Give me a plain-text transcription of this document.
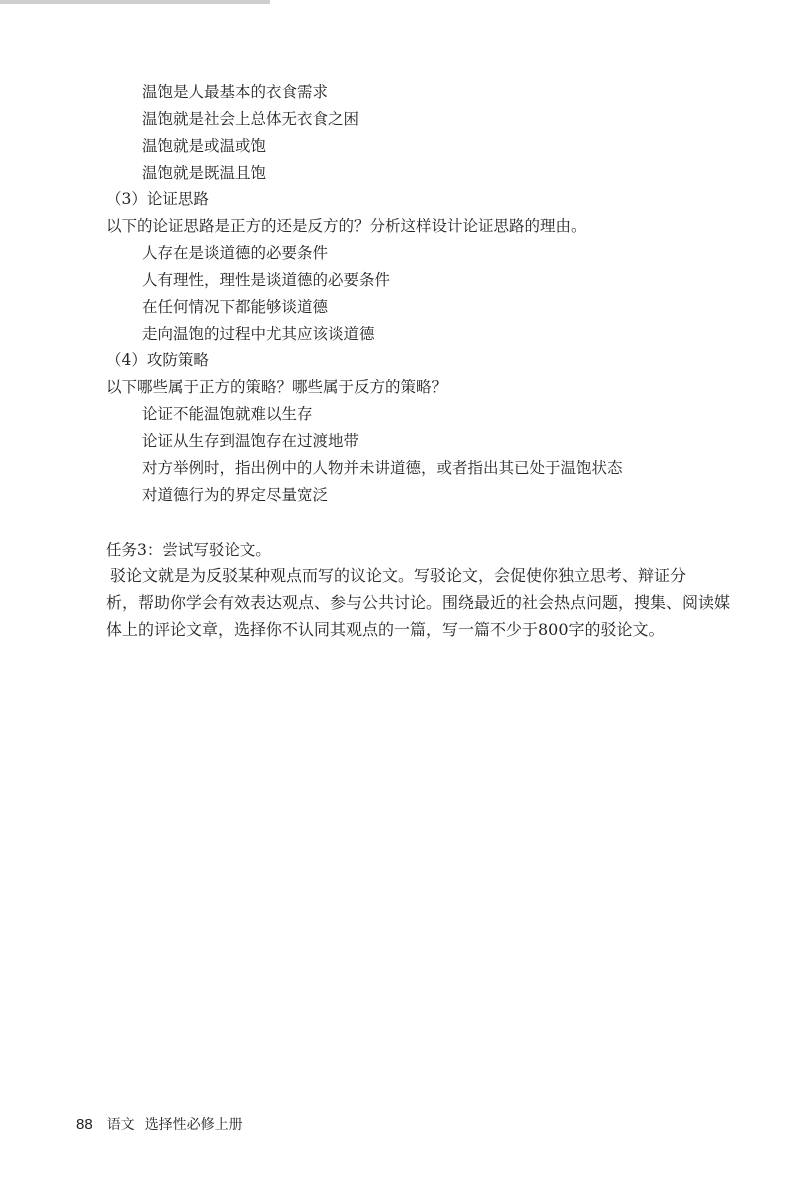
温饱是人最基本的衣食需求
温饱就是社会上总体无衣食之困
温饱就是或温或饱
温饱就是既温且饱
（3）论证思路
以下的论证思路是正方的还是反方的？分析这样设计论证思路的理由。
人存在是谈道德的必要条件
人有理性，理性是谈道德的必要条件
在任何情况下都能够谈道德
走向温饱的过程中尤其应该谈道德
（4）攻防策略
以下哪些属于正方的策略？哪些属于反方的策略？
论证不能温饱就难以生存
论证从生存到温饱存在过渡地带
对方举例时，指出例中的人物并未讲道德，或者指出其已处于温饱状态
对道德行为的界定尽量宽泛
任务3：尝试写驳论文。
驳论文就是为反驳某种观点而写的议论文。写驳论文，会促使你独立思考、辩证分
析，帮助你学会有效表达观点、参与公共讨论。围绕最近的社会热点问题，搜集、阅读媒
体上的评论文章，选择你不认同其观点的一篇，写一篇不少于800字的驳论文。
88 语文 选择性必修上册
